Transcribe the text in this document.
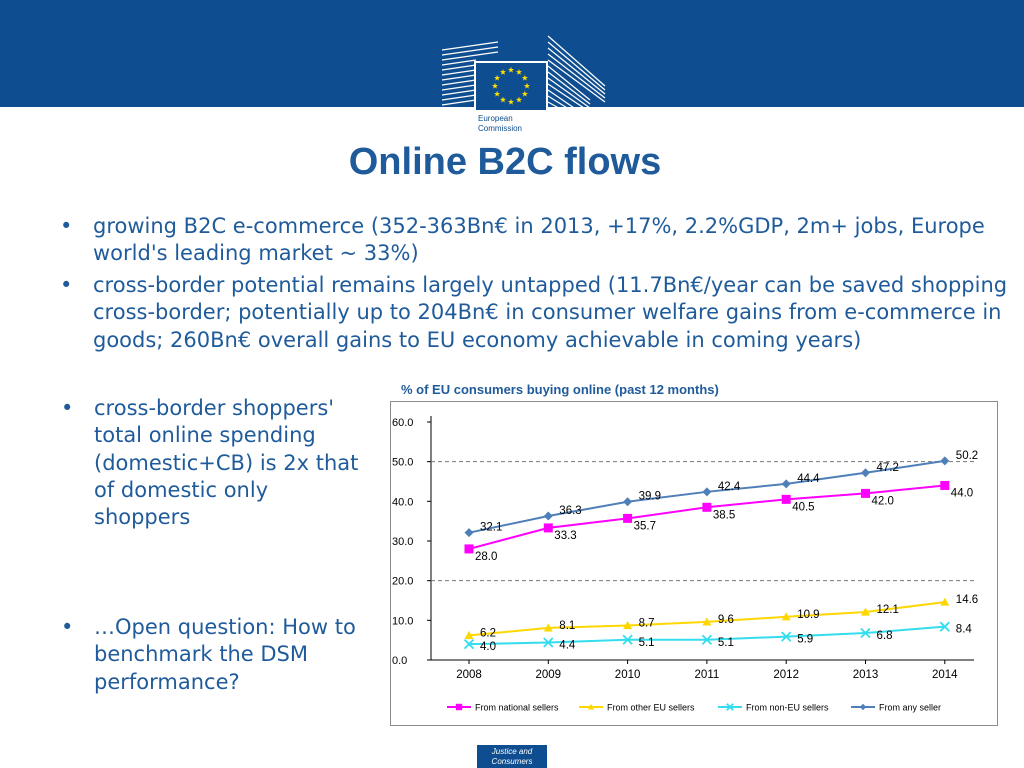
European
Commission
Online B2C flows
• growing B2C e-commerce (352-363Bn€ in 2013, +17%, 2.2%GDP, 2m+ jobs, Europe world's leading market ~ 33%)
• cross-border potential remains largely untapped (11.7Bn€/year can be saved shopping cross-border; potentially up to 204Bn€ in consumer welfare gains from e-commerce in goods; 260Bn€ overall gains to EU economy achievable in coming years)
• cross-border shoppers' total online spending (domestic+CB) is 2x that of domestic only shoppers
• …Open question: How to benchmark the DSM performance?
% of EU consumers buying online (past 12 months)
0.0
10.0
20.0
30.0
40.0
50.0
60.0
2008	2009	2010	2011	2012	2013	2014
28.0
33.3
35.7
38.5
40.5	42.0
44.0
6.2
8.1	8.7	9.6	10.9	12.1
14.6
4.0	4.4	5.1	5.1	5.9	6.8
8.4
32.1
36.3
39.9
42.4
44.4
47.2
50.2
From national sellers	From other EU sellers	From non-EU sellers	From any seller
Justice and
Consumers
